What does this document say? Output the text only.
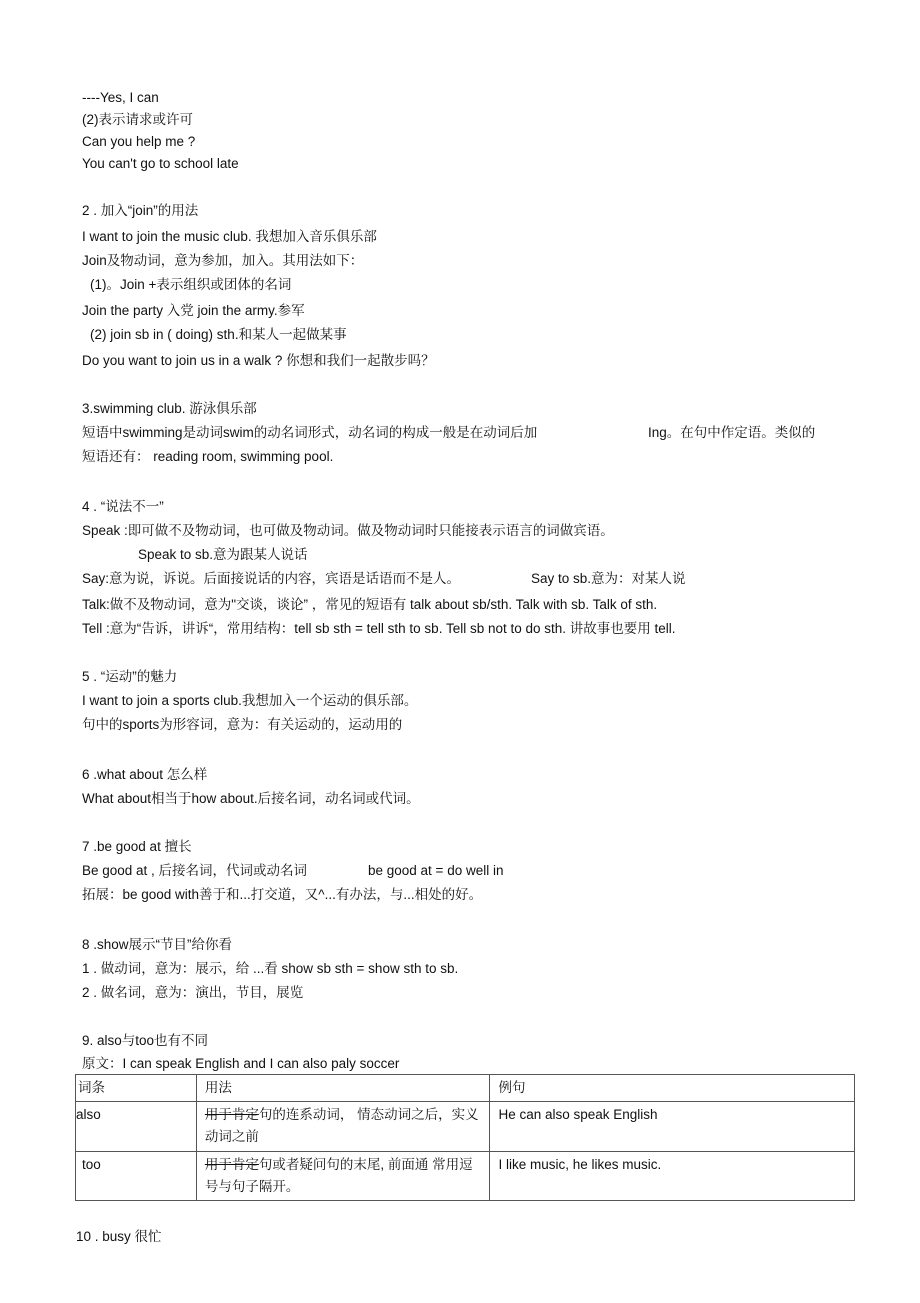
----Yes, I can
(2)表示请求或许可
Can you help me ?
You can't go to school late
2 . 加入“join”的用法
I want to join the music club. 我想加入音乐俱乐部
Join及物动词，意为参加，加入。其用法如下：
(1)。Join +表示组织或团体的名词
Join the party 入党 join the army.参军
(2) join sb in ( doing) sth.和某人一起做某事
Do you want to join us in a walk ? 你想和我们一起散步吗？
3.swimming club. 游泳俱乐部
短语中swimming是动词swim的动名词形式，动名词的构成一般是在动词后加	Ing。在句中作定语。类似的
短语还有： reading room, swimming pool.
4 . “说法不一”
Speak :即可做不及物动词，也可做及物动词。做及物动词时只能接表示语言的词做宾语。
Speak to sb.意为跟某人说话
Say:意为说，诉说。后面接说话的内容，宾语是话语而不是人。	Say to sb.意为：对某人说
Talk:做不及物动词，意为"交谈，谈论” ，常见的短语有 talk about sb/sth. Talk with sb. Talk of sth.
Tell :意为“告诉，讲诉“，常用结构：tell sb sth = tell sth to sb. Tell sb not to do sth. 讲故事也要用 tell.
5 . “运动”的魅力
I want to join a sports club.我想加入一个运动的俱乐部。
句中的sports为形容词，意为：有关运动的，运动用的
6 .what about 怎么样
What about相当于how about.后接名词，动名词或代词。
7 .be good at 擅长
Be good at , 后接名词，代词或动名词	be good at = do well in
拓展：be good with善于和...打交道，又^...有办法，与...相处的好。
8 .show展示“节目”给你看
1 . 做动词，意为：展示，给 ...看 show sb sth = show sth to sb.
2 . 做名词，意为：演出，节目，展览
9. also与too也有不同
原文：I can speak English and I can also paly soccer
词条	用法	例句
also	用于肯定句的连系动词， 情态动词之后，实义动词之前	He can also speak English
too	用于肯定句或者疑问句的末尾, 前面通 常用逗号与句子隔开。	I like music, he likes music.
10 . busy 很忙
